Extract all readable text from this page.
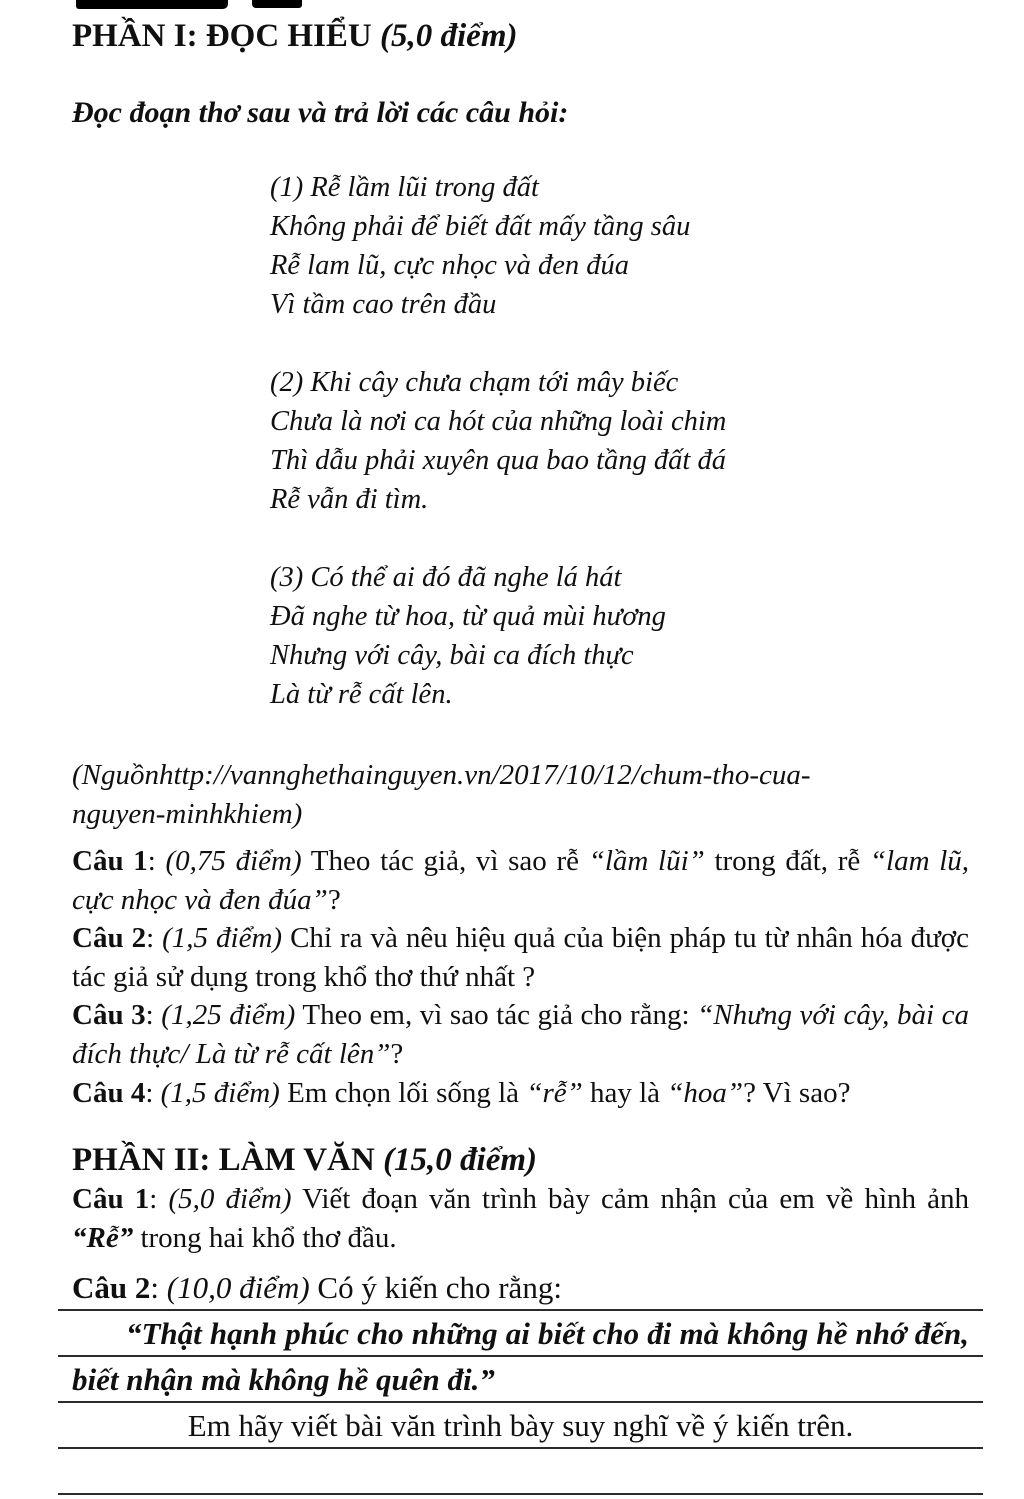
PHẦN I: ĐỌC HIỂU (5,0 điểm)

Đọc đoạn thơ sau và trả lời các câu hỏi:

(1) Rễ lầm lũi trong đất
Không phải để biết đất mấy tầng sâu
Rễ lam lũ, cực nhọc và đen đúa
Vì tầm cao trên đầu
(2) Khi cây chưa chạm tới mây biếc
Chưa là nơi ca hót của những loài chim
Thì dẫu phải xuyên qua bao tầng đất đá
Rễ vẫn đi tìm.
(3) Có thể ai đó đã nghe lá hát
Đã nghe từ hoa, từ quả mùi hương
Nhưng với cây, bài ca đích thực
Là từ rễ cất lên.
(Nguồnhttp://vannghethainguyen.vn/2017/10/12/chum-tho-cua-
nguyen-minhkhiem)

Câu 1: (0,75 điểm) Theo tác giả, vì sao rễ “lầm lũi” trong đất, rễ “lam lũ, cực nhọc và đen đúa”?

Câu 2: (1,5 điểm) Chỉ ra và nêu hiệu quả của biện pháp tu từ nhân hóa được tác giả sử dụng trong khổ thơ thứ nhất ?

Câu 3: (1,25 điểm) Theo em, vì sao tác giả cho rằng: “Nhưng với cây, bài ca đích thực/ Là từ rễ cất lên”?

Câu 4: (1,5 điểm) Em chọn lối sống là “rễ” hay là “hoa”? Vì sao?

PHẦN II: LÀM VĂN (15,0 điểm)

Câu 1: (5,0 điểm) Viết đoạn văn trình bày cảm nhận của em về hình ảnh “Rễ” trong hai khổ thơ đầu.

Câu 2: (10,0 điểm) Có ý kiến cho rằng:

“Thật hạnh phúc cho những ai biết cho đi mà không hề nhớ đến, biết nhận mà không hề quên đi.”

Em hãy viết bài văn trình bày suy nghĩ về ý kiến trên.
